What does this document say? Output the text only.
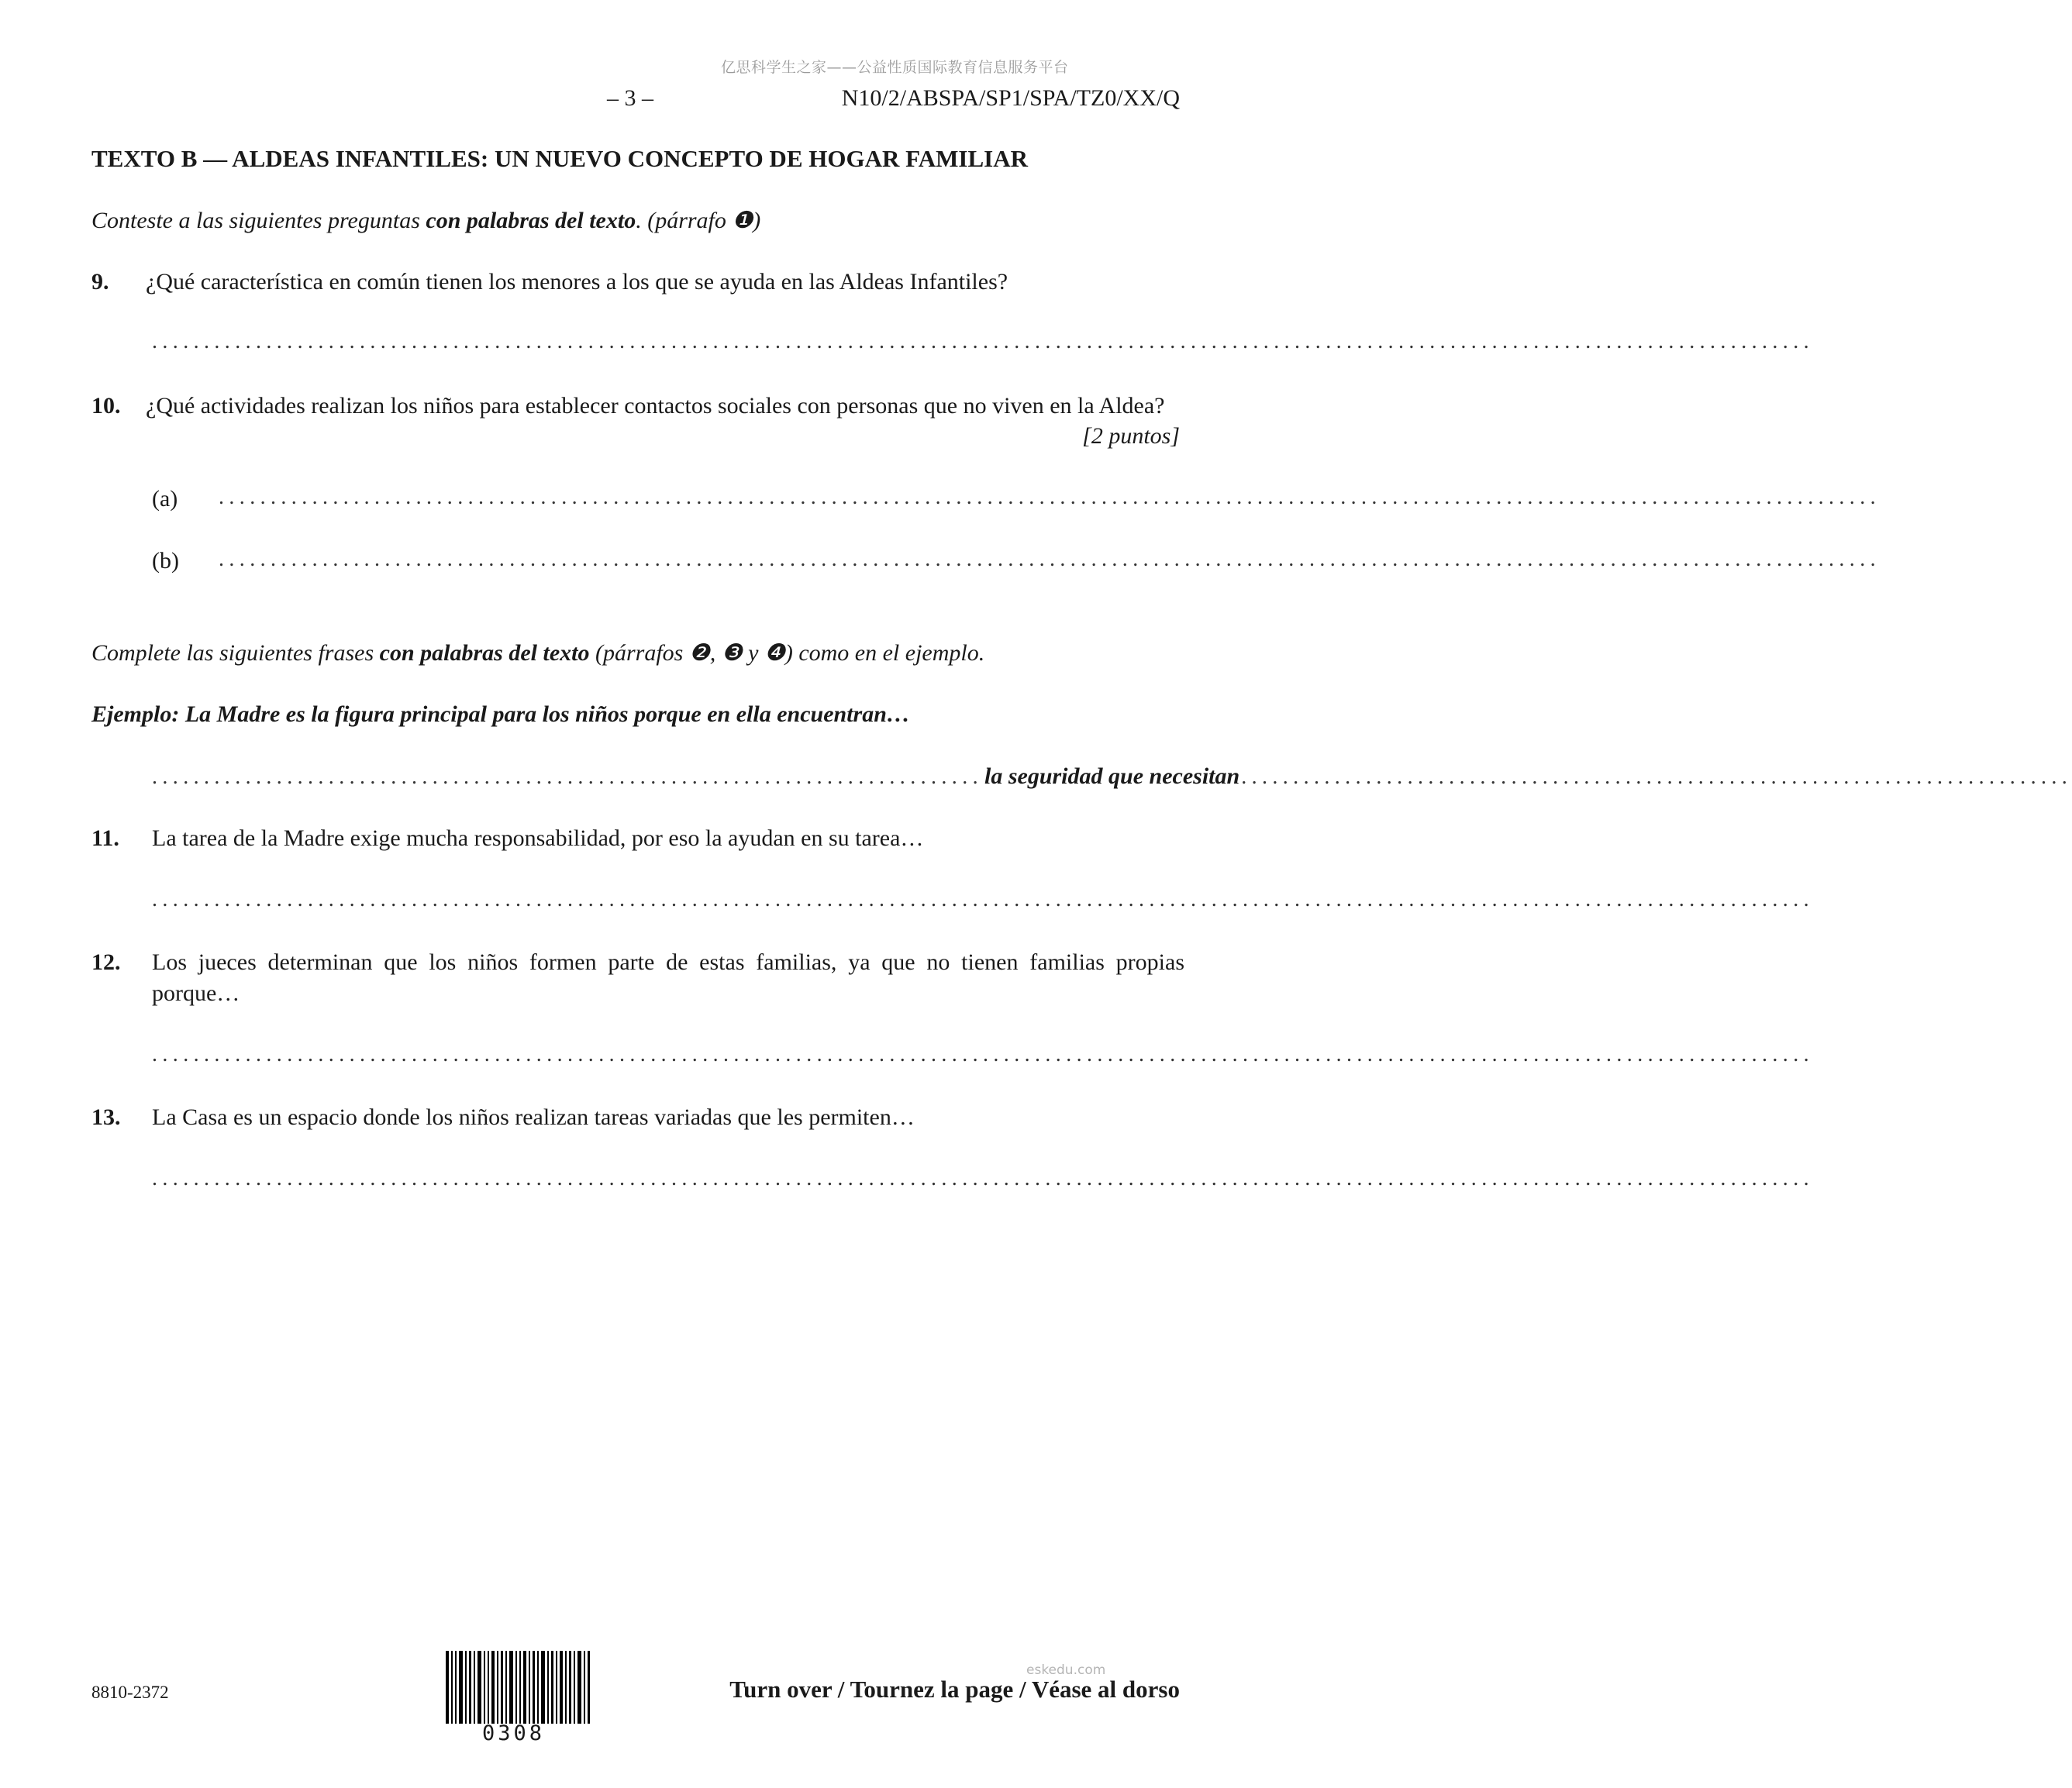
亿思科学生之家——公益性质国际教育信息服务平台
– 3 –	N10/2/ABSPA/SP1/SPA/TZ0/XX/Q
TEXTO B — ALDEAS INFANTILES: UN NUEVO CONCEPTO DE HOGAR FAMILIAR
Conteste a las siguientes preguntas con palabras del texto. (párrafo ❶)
9. ¿Qué característica en común tienen los menores a los que se ayuda en las Aldeas Infantiles?
................................................................................................................................................................
10. ¿Qué actividades realizan los niños para establecer contactos sociales con personas que no viven en la Aldea?
[2 puntos]
(a) ................................................................................................................................................................
(b) ................................................................................................................................................................
Complete las siguientes frases con palabras del texto (párrafos ❷, ❸ y ❹) como en el ejemplo.
Ejemplo: La Madre es la figura principal para los niños porque en ella encuentran…
................................................................................ la seguridad que necesitan ................................................................................
11. La tarea de la Madre exige mucha responsabilidad, por eso la ayudan en su tarea…
................................................................................................................................................................
12. Los jueces determinan que los niños formen parte de estas familias, ya que no tienen familias propias porque…
................................................................................................................................................................
13. La Casa es un espacio donde los niños realizan tareas variadas que les permiten…
................................................................................................................................................................
8810-2372
0308
eskedu.com
Turn over / Tournez la page / Véase al dorso
